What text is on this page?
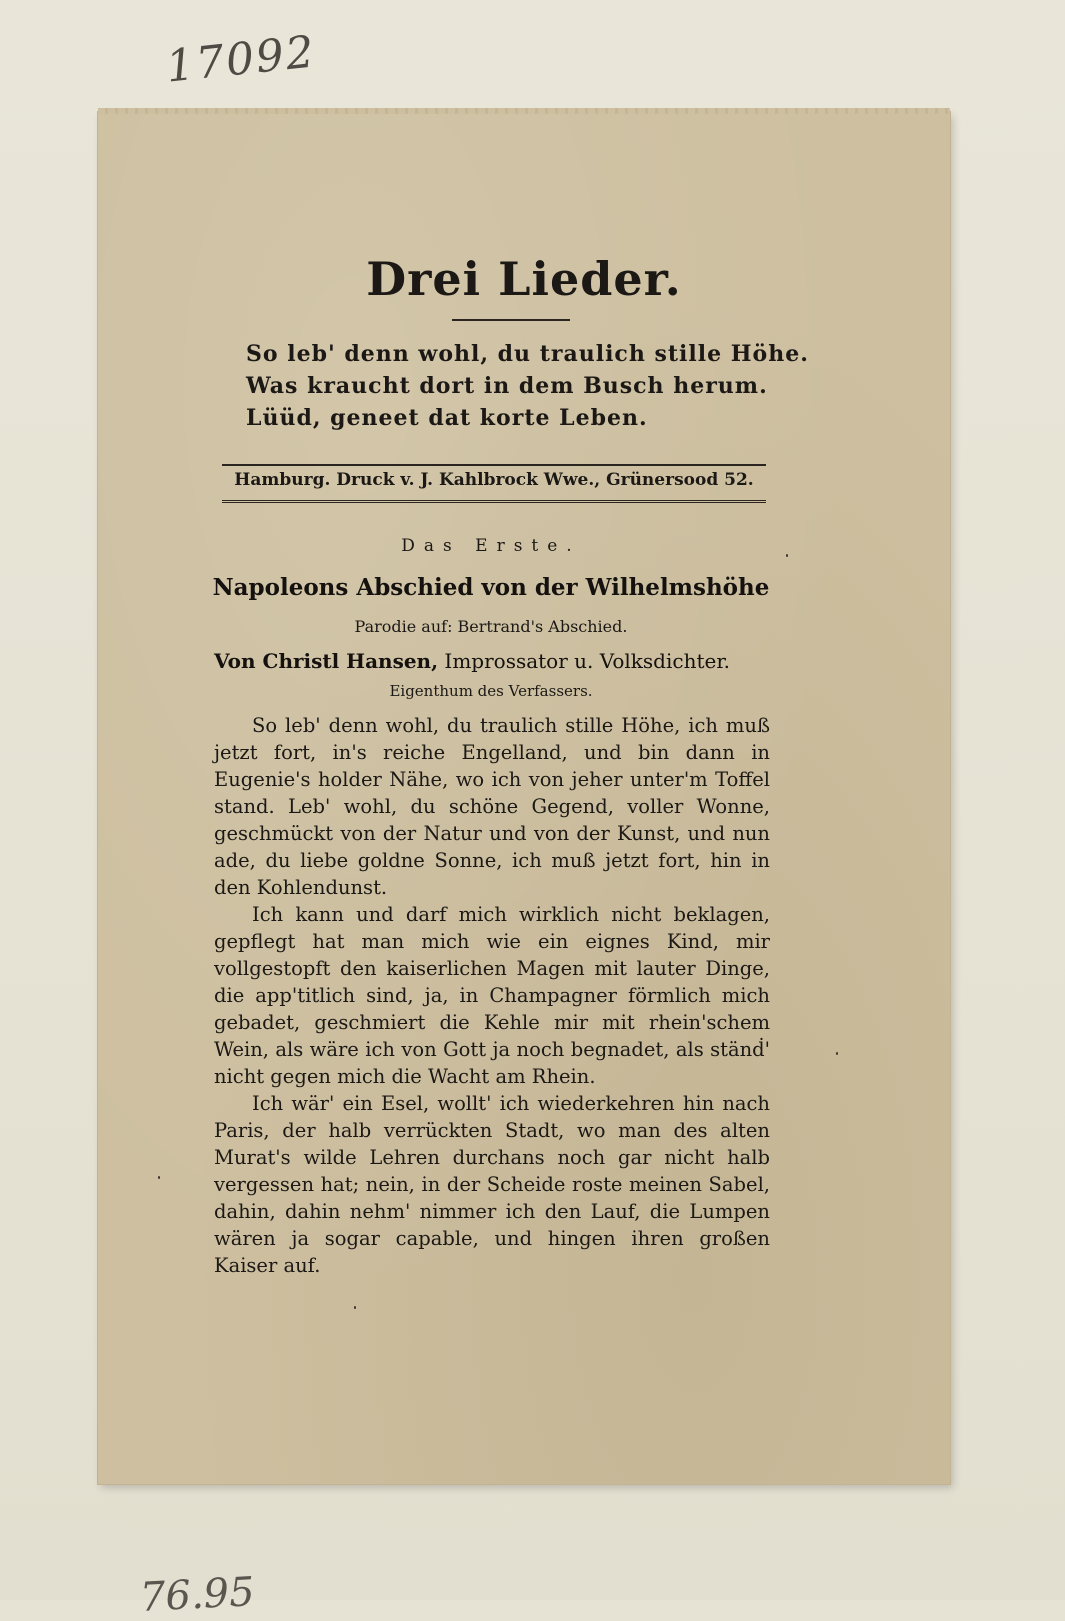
17092
Drei Lieder.
So leb' denn wohl, du traulich stille Höhe.
Was kraucht dort in dem Busch herum.
Lüüd, geneet dat korte Leben.
Hamburg. Druck v. J. Kahlbrock Wwe., Grünersood 52.
Das Erste.
Napoleons Abschied von der Wilhelmshöhe
Parodie auf: Bertrand's Abschied.
Von Christl Hansen, Improssator u. Volksdichter.
Eigenthum des Verfassers.

So leb' denn wohl, du traulich stille Höhe, ich muß jetzt fort, in's reiche Engelland, und bin dann in Eugenie's holder Nähe, wo ich von jeher unter'm Toffel stand. Leb' wohl, du schöne Gegend, voller Wonne, geschmückt von der Natur und von der Kunst, und nun ade, du liebe goldne Sonne, ich muß jetzt fort, hin in den Kohlendunst.

Ich kann und darf mich wirklich nicht beklagen, gepflegt hat man mich wie ein eignes Kind, mir vollgestopft den kaiserlichen Magen mit lauter Dinge, die app'titlich sind, ja, in Champagner förmlich mich gebadet, geschmiert die Kehle mir mit rhein'schem Wein, als wäre ich von Gott ja noch begnadet, als stänḋ' nicht gegen mich die Wacht am Rhein.

Ich wär' ein Esel, wollt' ich wiederkehren hin nach Paris, der halb verrückten Stadt, wo man des alten Murat's wilde Lehren durchans noch gar nicht halb vergessen hat; nein, in der Scheide roste meinen Sabel, dahin, dahin nehm' nimmer ich den Lauf, die Lumpen wären ja sogar capable, und hingen ihren großen Kaiser auf.

76.95
